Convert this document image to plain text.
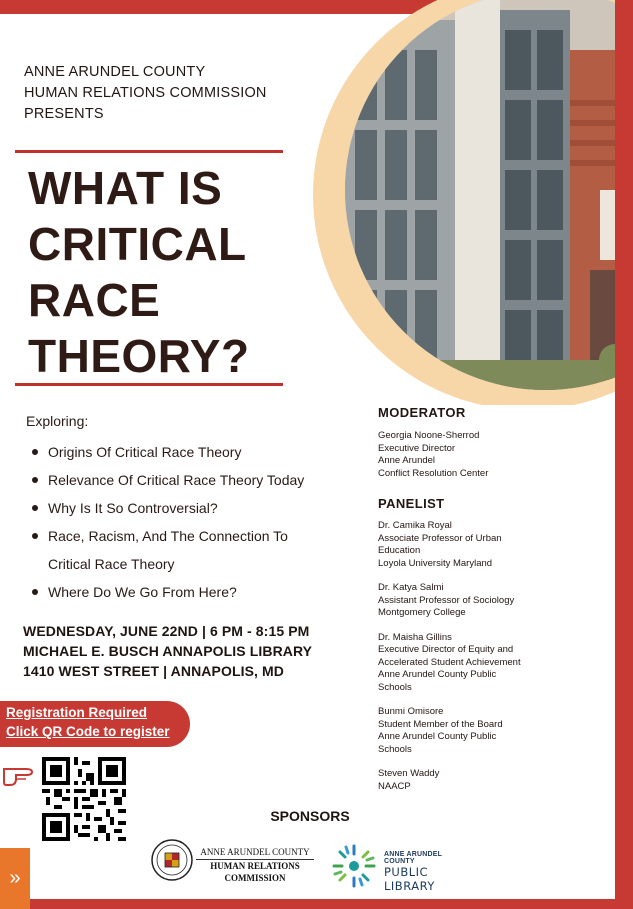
ANNE ARUNDEL COUNTY
HUMAN RELATIONS COMMISSION
PRESENTS
WHAT IS
CRITICAL
RACE
THEORY?
Exploring:
Origins Of Critical Race Theory
Relevance Of Critical Race Theory Today
Why Is It So Controversial?
Race, Racism, And The Connection To
Critical Race Theory
Where Do We Go From Here?
WEDNESDAY, JUNE 22ND | 6 PM - 8:15 PM
MICHAEL E. BUSCH ANNAPOLIS LIBRARY
1410 WEST STREET | ANNAPOLIS, MD
Registration Required
Click QR Code to register
»
SPONSORS
ANNE ARUNDEL COUNTY
HUMAN RELATIONS
COMMISSION
ANNE ARUNDEL COUNTY
PUBLIC LIBRARY
MODERATOR
Georgia Noone-Sherrod
Executive Director
Anne Arundel
Conflict Resolution Center
PANELIST
Dr. Camika Royal
Associate Professor of Urban
Education
Loyola University Maryland
Dr. Katya Salmi
Assistant Professor of Sociology
Montgomery College
Dr. Maisha Gillins
Executive Director of Equity and
Accelerated Student Achievement
Anne Arundel County Public
Schools
Bunmi Omisore
Student Member of the Board
Anne Arundel County Public
Schools
Steven Waddy
NAACP
